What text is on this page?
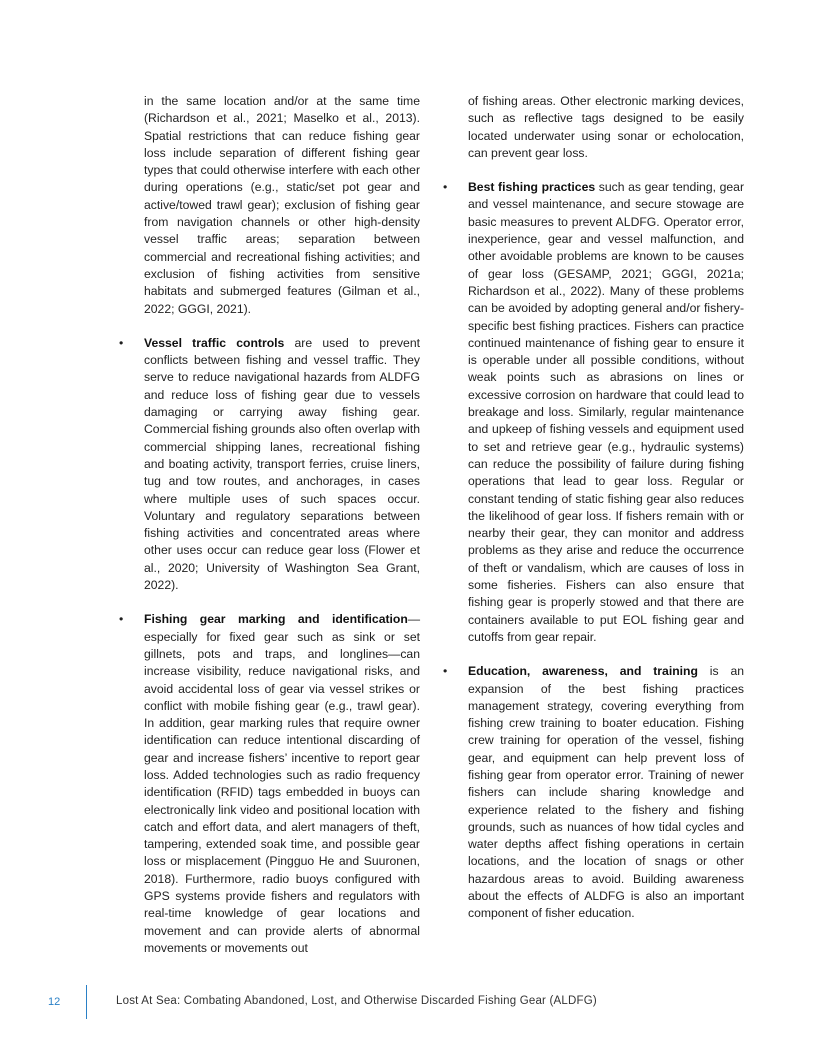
in the same location and/or at the same time (Richardson et al., 2021; Maselko et al., 2013). Spatial restrictions that can reduce fishing gear loss include separation of different fishing gear types that could otherwise interfere with each other during operations (e.g., static/set pot gear and active/towed trawl gear); exclusion of fishing gear from navigation channels or other high-density vessel traffic areas; separation between commercial and recreational fishing activities; and exclusion of fishing activities from sensitive habitats and submerged features (Gilman et al., 2022; GGGI, 2021).

• Vessel traffic controls are used to prevent conflicts between fishing and vessel traffic. They serve to reduce navigational hazards from ALDFG and reduce loss of fishing gear due to vessels damaging or carrying away fishing gear. Commercial fishing grounds also often overlap with commercial shipping lanes, recreational fishing and boating activity, transport ferries, cruise liners, tug and tow routes, and anchorages, in cases where multiple uses of such spaces occur. Voluntary and regulatory separations between fishing activities and concentrated areas where other uses occur can reduce gear loss (Flower et al., 2020; University of Washington Sea Grant, 2022).

• Fishing gear marking and identification—especially for fixed gear such as sink or set gillnets, pots and traps, and longlines—can increase visibility, reduce navigational risks, and avoid accidental loss of gear via vessel strikes or conflict with mobile fishing gear (e.g., trawl gear). In addition, gear marking rules that require owner identification can reduce intentional discarding of gear and increase fishers’ incentive to report gear loss. Added technologies such as radio frequency identification (RFID) tags embedded in buoys can electronically link video and positional location with catch and effort data, and alert managers of theft, tampering, extended soak time, and possible gear loss or misplacement (Pingguo He and Suuronen, 2018). Furthermore, radio buoys configured with GPS systems provide fishers and regulators with real-time knowledge of gear locations and movement and can provide alerts of abnormal movements or movements out

of fishing areas. Other electronic marking devices, such as reflective tags designed to be easily located underwater using sonar or echolocation, can prevent gear loss.

• Best fishing practices such as gear tending, gear and vessel maintenance, and secure stowage are basic measures to prevent ALDFG. Operator error, inexperience, gear and vessel malfunction, and other avoidable problems are known to be causes of gear loss (GESAMP, 2021; GGGI, 2021a; Richardson et al., 2022). Many of these problems can be avoided by adopting general and/or fishery-specific best fishing practices. Fishers can practice continued maintenance of fishing gear to ensure it is operable under all possible conditions, without weak points such as abrasions on lines or excessive corrosion on hardware that could lead to breakage and loss. Similarly, regular maintenance and upkeep of fishing vessels and equipment used to set and retrieve gear (e.g., hydraulic systems) can reduce the possibility of failure during fishing operations that lead to gear loss. Regular or constant tending of static fishing gear also reduces the likelihood of gear loss. If fishers remain with or nearby their gear, they can monitor and address problems as they arise and reduce the occurrence of theft or vandalism, which are causes of loss in some fisheries. Fishers can also ensure that fishing gear is properly stowed and that there are containers available to put EOL fishing gear and cutoffs from gear repair.

• Education, awareness, and training is an expansion of the best fishing practices management strategy, covering everything from fishing crew training to boater education. Fishing crew training for operation of the vessel, fishing gear, and equipment can help prevent loss of fishing gear from operator error. Training of newer fishers can include sharing knowledge and experience related to the fishery and fishing grounds, such as nuances of how tidal cycles and water depths affect fishing operations in certain locations, and the location of snags or other hazardous areas to avoid. Building awareness about the effects of ALDFG is also an important component of fisher education.

12	Lost At Sea: Combating Abandoned, Lost, and Otherwise Discarded Fishing Gear (ALDFG)
